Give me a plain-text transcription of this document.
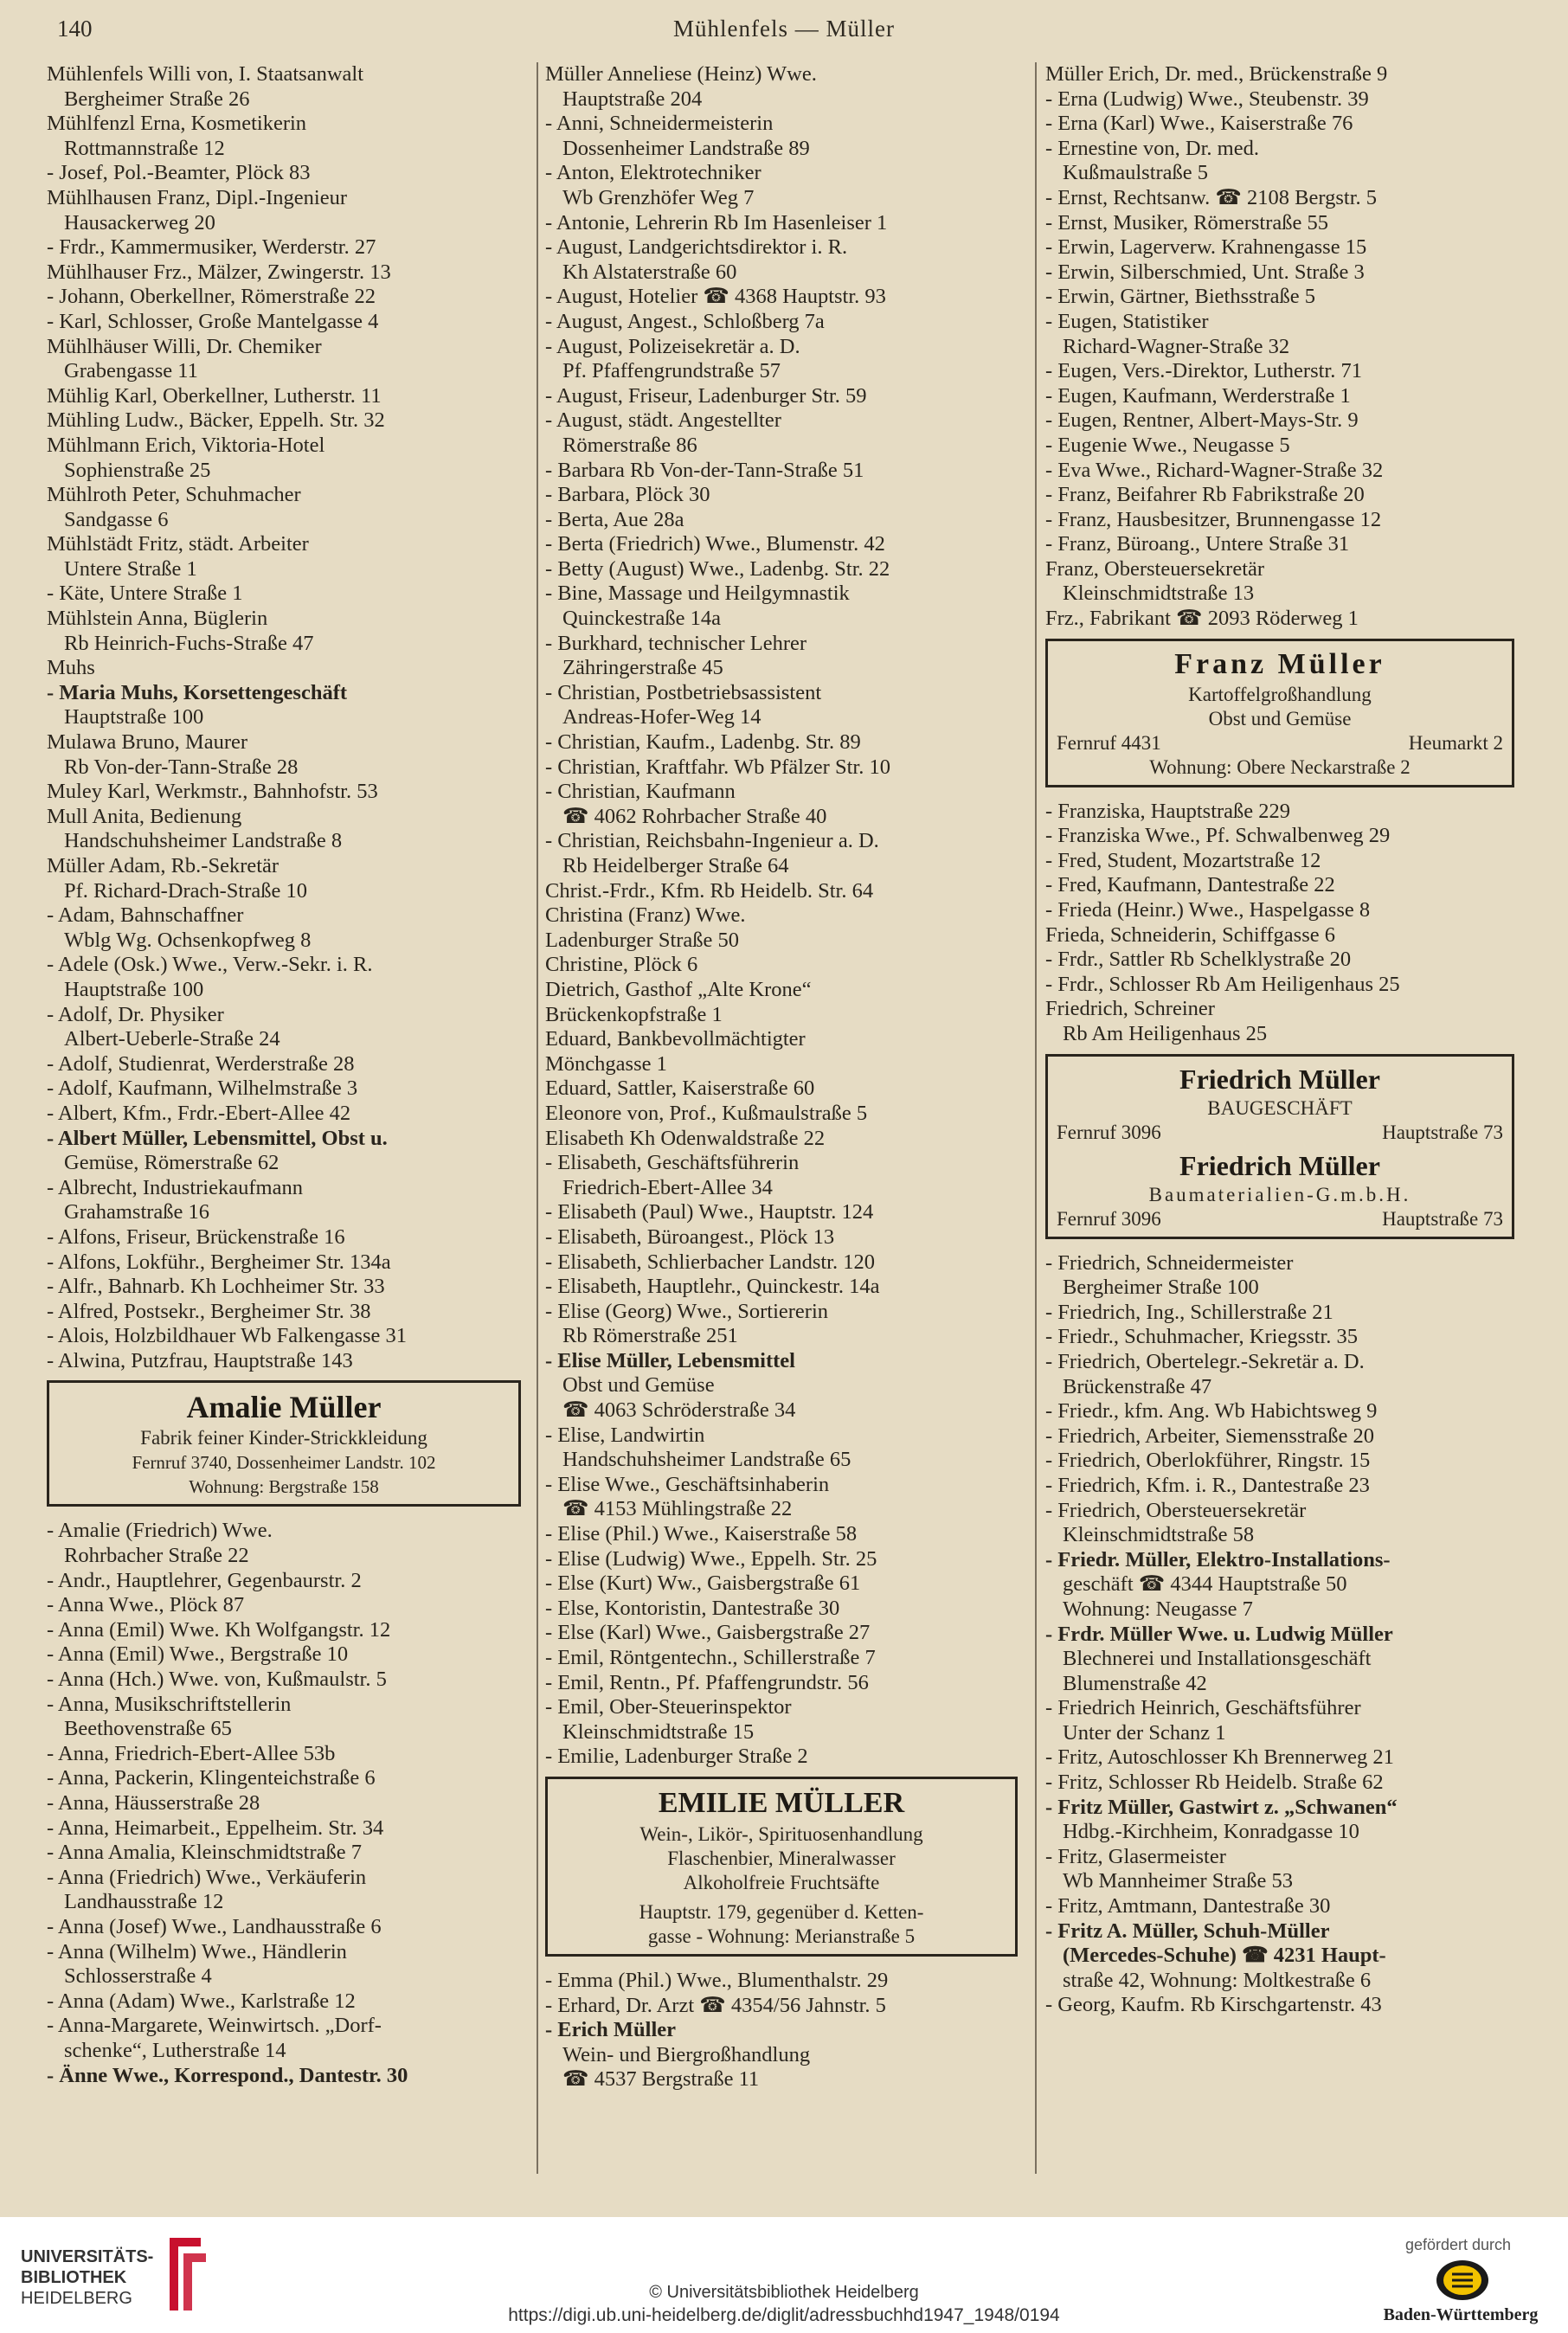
140	Mühlenfels — Müller
Mühlenfels Willi von, I. Staatsanwalt
Bergheimer Straße 26
Mühlfenzl Erna, Kosmetikerin
Rottmannstraße 12
- Josef, Pol.-Beamter, Plöck 83
Mühlhausen Franz, Dipl.-Ingenieur
Hausackerweg 20
- Frdr., Kammermusiker, Werderstr. 27
Mühlhauser Frz., Mälzer, Zwingerstr. 13
- Johann, Oberkellner, Römerstraße 22
- Karl, Schlosser, Große Mantelgasse 4
Mühlhäuser Willi, Dr. Chemiker
Grabengasse 11
Mühlig Karl, Oberkellner, Lutherstr. 11
Mühling Ludw., Bäcker, Eppelh. Str. 32
Mühlmann Erich, Viktoria-Hotel
Sophienstraße 25
Mühlroth Peter, Schuhmacher
Sandgasse 6
Mühlstädt Fritz, städt. Arbeiter
Untere Straße 1
- Käte, Untere Straße 1
Mühlstein Anna, Büglerin
Rb Heinrich-Fuchs-Straße 47
Muhs
- Maria Muhs, Korsettengeschäft
Hauptstraße 100
Mulawa Bruno, Maurer
Rb Von-der-Tann-Straße 28
Muley Karl, Werkmstr., Bahnhofstr. 53
Mull Anita, Bedienung
Handschuhsheimer Landstraße 8
Müller Adam, Rb.-Sekretär
Pf. Richard-Drach-Straße 10
- Adam, Bahnschaffner
Wblg Wg. Ochsenkopfweg 8
- Adele (Osk.) Wwe., Verw.-Sekr. i. R.
Hauptstraße 100
- Adolf, Dr. Physiker
Albert-Ueberle-Straße 24
- Adolf, Studienrat, Werderstraße 28
- Adolf, Kaufmann, Wilhelmstraße 3
- Albert, Kfm., Frdr.-Ebert-Allee 42
- Albert Müller, Lebensmittel, Obst u.
Gemüse, Römerstraße 62
- Albrecht, Industriekaufmann
Grahamstraße 16
- Alfons, Friseur, Brückenstraße 16
- Alfons, Lokführ., Bergheimer Str. 134a
- Alfr., Bahnarb. Kh Lochheimer Str. 33
- Alfred, Postsekr., Bergheimer Str. 38
- Alois, Holzbildhauer Wb Falkengasse 31
- Alwina, Putzfrau, Hauptstraße 143
Amalie Müller
Fabrik feiner Kinder-Strickkleidung
Fernruf 3740, Dossenheimer Landstr. 102
Wohnung: Bergstraße 158
- Amalie (Friedrich) Wwe.
Rohrbacher Straße 22
- Andr., Hauptlehrer, Gegenbaurstr. 2
- Anna Wwe., Plöck 87
- Anna (Emil) Wwe. Kh Wolfgangstr. 12
- Anna (Emil) Wwe., Bergstraße 10
- Anna (Hch.) Wwe. von, Kußmaulstr. 5
- Anna, Musikschriftstellerin
Beethovenstraße 65
- Anna, Friedrich-Ebert-Allee 53b
- Anna, Packerin, Klingenteichstraße 6
- Anna, Häusserstraße 28
- Anna, Heimarbeit., Eppelheim. Str. 34
- Anna Amalia, Kleinschmidtstraße 7
- Anna (Friedrich) Wwe., Verkäuferin
Landhausstraße 12
- Anna (Josef) Wwe., Landhausstraße 6
- Anna (Wilhelm) Wwe., Händlerin
Schlosserstraße 4
- Anna (Adam) Wwe., Karlstraße 12
- Anna-Margarete, Weinwirtsch. „Dorf-
schenke“, Lutherstraße 14
- Änne Wwe., Korrespond., Dantestr. 30
Müller Anneliese (Heinz) Wwe.
Hauptstraße 204
- Anni, Schneidermeisterin
Dossenheimer Landstraße 89
- Anton, Elektrotechniker
Wb Grenzhöfer Weg 7
- Antonie, Lehrerin Rb Im Hasenleiser 1
- August, Landgerichtsdirektor i. R.
Kh Alstaterstraße 60
- August, Hotelier ☎ 4368 Hauptstr. 93
- August, Angest., Schloßberg 7a
- August, Polizeisekretär a. D.
Pf. Pfaffengrundstraße 57
- August, Friseur, Ladenburger Str. 59
- August, städt. Angestellter
Römerstraße 86
- Barbara Rb Von-der-Tann-Straße 51
- Barbara, Plöck 30
- Berta, Aue 28a
- Berta (Friedrich) Wwe., Blumenstr. 42
- Betty (August) Wwe., Ladenbg. Str. 22
- Bine, Massage und Heilgymnastik
Quinckestraße 14a
- Burkhard, technischer Lehrer
Zähringerstraße 45
- Christian, Postbetriebsassistent
Andreas-Hofer-Weg 14
- Christian, Kaufm., Ladenbg. Str. 89
- Christian, Kraftfahr. Wb Pfälzer Str. 10
- Christian, Kaufmann
☎ 4062 Rohrbacher Straße 40
- Christian, Reichsbahn-Ingenieur a. D.
Rb Heidelberger Straße 64
Christ.-Frdr., Kfm. Rb Heidelb. Str. 64
Christina (Franz) Wwe.
Ladenburger Straße 50
Christine, Plöck 6
Dietrich, Gasthof „Alte Krone“
Brückenkopfstraße 1
Eduard, Bankbevollmächtigter
Mönchgasse 1
Eduard, Sattler, Kaiserstraße 60
Eleonore von, Prof., Kußmaulstraße 5
Elisabeth Kh Odenwaldstraße 22
- Elisabeth, Geschäftsführerin
Friedrich-Ebert-Allee 34
- Elisabeth (Paul) Wwe., Hauptstr. 124
- Elisabeth, Büroangest., Plöck 13
- Elisabeth, Schlierbacher Landstr. 120
- Elisabeth, Hauptlehr., Quinckestr. 14a
- Elise (Georg) Wwe., Sortiererin
Rb Römerstraße 251
- Elise Müller, Lebensmittel
Obst und Gemüse
☎ 4063 Schröderstraße 34
- Elise, Landwirtin
Handschuhsheimer Landstraße 65
- Elise Wwe., Geschäftsinhaberin
☎ 4153 Mühlingstraße 22
- Elise (Phil.) Wwe., Kaiserstraße 58
- Elise (Ludwig) Wwe., Eppelh. Str. 25
- Else (Kurt) Ww., Gaisbergstraße 61
- Else, Kontoristin, Dantestraße 30
- Else (Karl) Wwe., Gaisbergstraße 27
- Emil, Röntgentechn., Schillerstraße 7
- Emil, Rentn., Pf. Pfaffengrundstr. 56
- Emil, Ober-Steuerinspektor
Kleinschmidtstraße 15
- Emilie, Ladenburger Straße 2
EMILIE MÜLLER
Wein-, Likör-, Spirituosenhandlung
Flaschenbier, Mineralwasser
Alkoholfreie Fruchtsäfte
Hauptstr. 179, gegenüber d. Ketten-
gasse - Wohnung: Merianstraße 5
- Emma (Phil.) Wwe., Blumenthalstr. 29
- Erhard, Dr. Arzt ☎ 4354/56 Jahnstr. 5
- Erich Müller
Wein- und Biergroßhandlung
☎ 4537 Bergstraße 11
Müller Erich, Dr. med., Brückenstraße 9
- Erna (Ludwig) Wwe., Steubenstr. 39
- Erna (Karl) Wwe., Kaiserstraße 76
- Ernestine von, Dr. med.
Kußmaulstraße 5
- Ernst, Rechtsanw. ☎ 2108 Bergstr. 5
- Ernst, Musiker, Römerstraße 55
- Erwin, Lagerverw. Krahnengasse 15
- Erwin, Silberschmied, Unt. Straße 3
- Erwin, Gärtner, Biethsstraße 5
- Eugen, Statistiker
Richard-Wagner-Straße 32
- Eugen, Vers.-Direktor, Lutherstr. 71
- Eugen, Kaufmann, Werderstraße 1
- Eugen, Rentner, Albert-Mays-Str. 9
- Eugenie Wwe., Neugasse 5
- Eva Wwe., Richard-Wagner-Straße 32
- Franz, Beifahrer Rb Fabrikstraße 20
- Franz, Hausbesitzer, Brunnengasse 12
- Franz, Büroang., Untere Straße 31
Franz, Obersteuersekretär
Kleinschmidtstraße 13
Frz., Fabrikant ☎ 2093 Röderweg 1
Franz Müller
Kartoffelgroßhandlung
Obst und Gemüse
Fernruf 4431	Heumarkt 2
Wohnung: Obere Neckarstraße 2
- Franziska, Hauptstraße 229
- Franziska Wwe., Pf. Schwalbenweg 29
- Fred, Student, Mozartstraße 12
- Fred, Kaufmann, Dantestraße 22
- Frieda (Heinr.) Wwe., Haspelgasse 8
Frieda, Schneiderin, Schiffgasse 6
- Frdr., Sattler Rb Schelklystraße 20
- Frdr., Schlosser Rb Am Heiligenhaus 25
Friedrich, Schreiner
Rb Am Heiligenhaus 25
Friedrich Müller
BAUGESCHÄFT
Fernruf 3096	Hauptstraße 73
Friedrich Müller
Baumaterialien-G.m.b.H.
Fernruf 3096	Hauptstraße 73
- Friedrich, Schneidermeister
Bergheimer Straße 100
- Friedrich, Ing., Schillerstraße 21
- Friedr., Schuhmacher, Kriegsstr. 35
- Friedrich, Obertelegr.-Sekretär a. D.
Brückenstraße 47
- Friedr., kfm. Ang. Wb Habichtsweg 9
- Friedrich, Arbeiter, Siemensstraße 20
- Friedrich, Oberlokführer, Ringstr. 15
- Friedrich, Kfm. i. R., Dantestraße 23
- Friedrich, Obersteuersekretär
Kleinschmidtstraße 58
- Friedr. Müller, Elektro-Installations-
geschäft ☎ 4344 Hauptstraße 50
Wohnung: Neugasse 7
- Frdr. Müller Wwe. u. Ludwig Müller
Blechnerei und Installationsgeschäft
Blumenstraße 42
- Friedrich Heinrich, Geschäftsführer
Unter der Schanz 1
- Fritz, Autoschlosser Kh Brennerweg 21
- Fritz, Schlosser Rb Heidelb. Straße 62
- Fritz Müller, Gastwirt z. „Schwanen“
Hdbg.-Kirchheim, Konradgasse 10
- Fritz, Glasermeister
Wb Mannheimer Straße 53
- Fritz, Amtmann, Dantestraße 30
- Fritz A. Müller, Schuh-Müller
(Mercedes-Schuhe) ☎ 4231 Haupt-
straße 42, Wohnung: Moltkestraße 6
- Georg, Kaufm. Rb Kirschgartenstr. 43
UNIVERSITÄTS-
BIBLIOTHEK
HEIDELBERG	© Universitätsbibliothek Heidelberg
https://digi.ub.uni-heidelberg.de/diglit/adressbuchhd1947_1948/0194
gefördert durch
Baden-Württemberg
